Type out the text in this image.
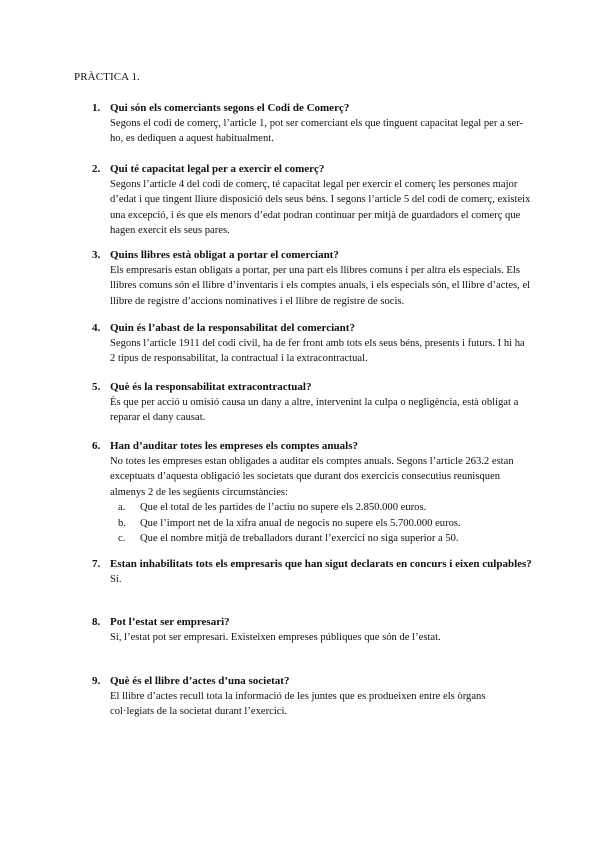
PRÀCTICA 1.
1. Qui són els comerciants segons el Codi de Comerç?

Segons el codi de comerç, l’article 1, pot ser comerciant els que tinguent capacitat legal per a ser-ho, es dediquen a aquest habitualment.

2. Qui té capacitat legal per a exercir el comerç?

Segons l’article 4 del codi de comerç, té capacitat legal per exercir el comerç les persones major d’edat i que tingent lliure disposició dels seus béns. I segons l’article 5 del codi de comerç, existeix una excepció, i és que els menors d’edat podran continuar per mitjà de guardadors el comerç que hagen exercit els seus pares.

3. Quins llibres està obligat a portar el comerciant?

Els empresaris estan obligats a portar, per una part els llibres comuns i per altra els especials. Els llibres comuns són el llibre d’inventaris i els comptes anuals, i els especials són, el llibre d’actes, el llibre de registre d’accions nominatives i el llibre de registre de socis.

4. Quin és l’abast de la responsabilitat del comerciant?

Segons l’article 1911 del codi civil, ha de fer front amb tots els seus béns, presents i futurs. I hi ha 2 tipus de responsabilitat, la contractual i la extracontractual.

5. Què és la responsabilitat extracontractual?

És que per acció u omisió causa un dany a altre, intervenint la culpa o negligència, està obligat a reparar el dany causat.

6. Han d’auditar totes les empreses els comptes anuals?

No totes les empreses estan obligades a auditar els comptes anuals. Segons l’article 263.2 estan exceptuats d’aquesta obligació les societats que durant dos exercicis consecutius reunisquen almenys 2 de les següents circumstàncies:

a.	Que el total de les partides de l’actiu no supere els 2.850.000 euros.
b.	Que l’import net de la xifra anual de negocis no supere els 5.700.000 euros.
c.	Que el nombre mitjà de treballadors durant l’exercici no siga superior a 50.
7. Estan inhabilitats tots els empresaris que han sigut declarats en concurs i eixen culpables?

Sí.

8. Pot l’estat ser empresari?

Si, l’estat pot ser empresari. Existeixen empreses públiques que són de l’estat.

9. Què és el llibre d’actes d’una societat?

El llibre d’actes recull tota la informació de les juntes que es produeixen entre els òrgans col·legiats de la societat durant l’exercici.
